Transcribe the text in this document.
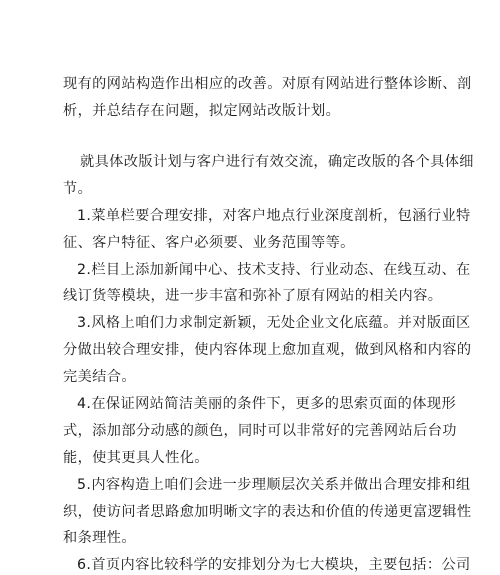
现有的网站构造作出相应的改善。对原有网站进行整体诊断、剖
析，并总结存在问题，拟定网站改版计划。
就具体改版计划与客户进行有效交流，确定改版的各个具体细
节。
1.菜单栏要合理安排，对客户地点行业深度剖析，包涵行业特
征、客户特征、客户必须要、业务范围等等。
2.栏目上添加新闻中心、技术支持、行业动态、在线互动、在
线订货等模块，进一步丰富和弥补了原有网站的相关内容。
3.风格上咱们力求制定新颖，无处企业文化底蕴。并对版面区
分做出较合理安排，使内容体现上愈加直观，做到风格和内容的
完美结合。
4.在保证网站简洁美丽的条件下，更多的思索页面的体现形
式，添加部分动感的颜色，同时可以非常好的完善网站后台功
能，使其更具人性化。
5.内容构造上咱们会进一步理顺层次关系并做出合理安排和组
织，使访问者思路愈加明晰文字的表达和价值的传递更富逻辑性
和条理性。
6.首页内容比较科学的安排划分为七大模块，主要包括：公司
